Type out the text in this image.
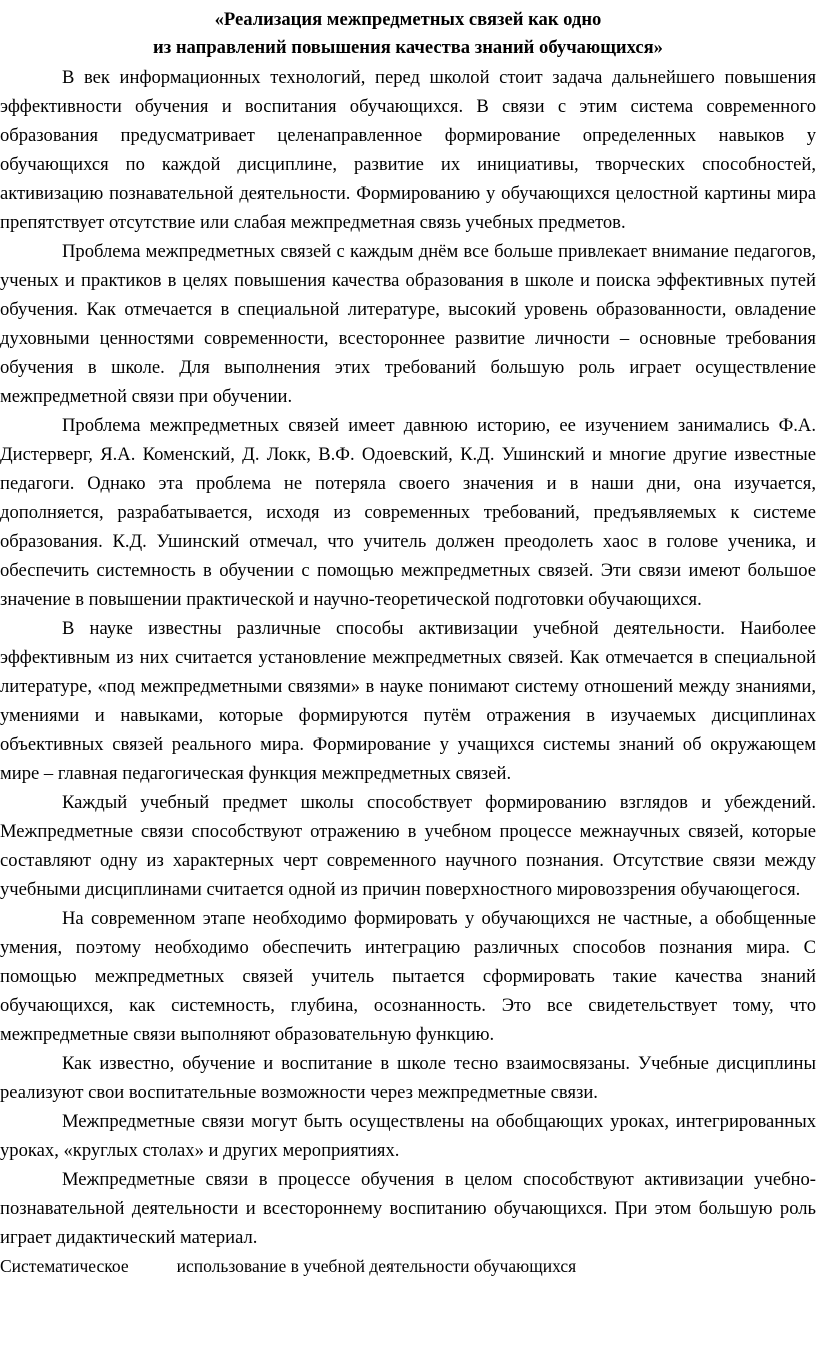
«Реализация межпредметных связей как одно
из направлений повышения качества знаний обучающихся»

В век информационных технологий, перед школой стоит задача дальнейшего повышения эффективности обучения и воспитания обучающихся. В связи с этим система современного образования предусматривает целенаправленное формирование определенных навыков у обучающихся по каждой дисциплине, развитие их инициативы, творческих способностей, активизацию познавательной деятельности. Формированию у обучающихся целостной картины мира препятствует отсутствие или слабая межпредметная связь учебных предметов.

Проблема межпредметных связей с каждым днём все больше привлекает внимание педагогов, ученых и практиков в целях повышения качества образования в школе и поиска эффективных путей обучения. Как отмечается в специальной литературе, высокий уровень образованности, овладение духовными ценностями современности, всестороннее развитие личности – основные требования обучения в школе. Для выполнения этих требований большую роль играет осуществление межпредметной связи при обучении.

Проблема межпредметных связей имеет давнюю историю, ее изучением занимались Ф.А. Дистерверг, Я.А. Коменский, Д. Локк, В.Ф. Одоевский, К.Д. Ушинский и многие другие известные педагоги. Однако эта проблема не потеряла своего значения и в наши дни, она изучается, дополняется, разрабатывается, исходя из современных требований, предъявляемых к системе образования. К.Д. Ушинский отмечал, что учитель должен преодолеть хаос в голове ученика, и обеспечить системность в обучении с помощью межпредметных связей. Эти связи имеют большое значение в повышении практической и научно-теоретической подготовки обучающихся.

В науке известны различные способы активизации учебной деятельности. Наиболее эффективным из них считается установление межпредметных связей. Как отмечается в специальной литературе, «под межпредметными связями» в науке понимают систему отношений между знаниями, умениями и навыками, которые формируются путём отражения в изучаемых дисциплинах объективных связей реального мира. Формирование у учащихся системы знаний об окружающем мире – главная педагогическая функция межпредметных связей.

Каждый учебный предмет школы способствует формированию взглядов и убеждений. Межпредметные связи способствуют отражению в учебном процессе межнаучных связей, которые составляют одну из характерных черт современного научного познания. Отсутствие связи между учебными дисциплинами считается одной из причин поверхностного мировоззрения обучающегося.

На современном этапе необходимо формировать у обучающихся не частные, а обобщенные умения, поэтому необходимо обеспечить интеграцию различных способов познания мира. С помощью межпредметных связей учитель пытается сформировать такие качества знаний обучающихся, как системность, глубина, осознанность. Это все свидетельствует тому, что межпредметные связи выполняют образовательную функцию.

Как известно, обучение и воспитание в школе тесно взаимосвязаны. Учебные дисциплины реализуют свои воспитательные возможности через межпредметные связи.

Межпредметные связи могут быть осуществлены на обобщающих уроках, интегрированных уроках, «круглых столах» и других мероприятиях.

Межпредметные связи в процессе обучения в целом способствуют активизации учебно-познавательной деятельности и всестороннему воспитанию обучающихся. При этом большую роль играет дидактический материал.

Систематическое	использование в учебной деятельности обучающихся
